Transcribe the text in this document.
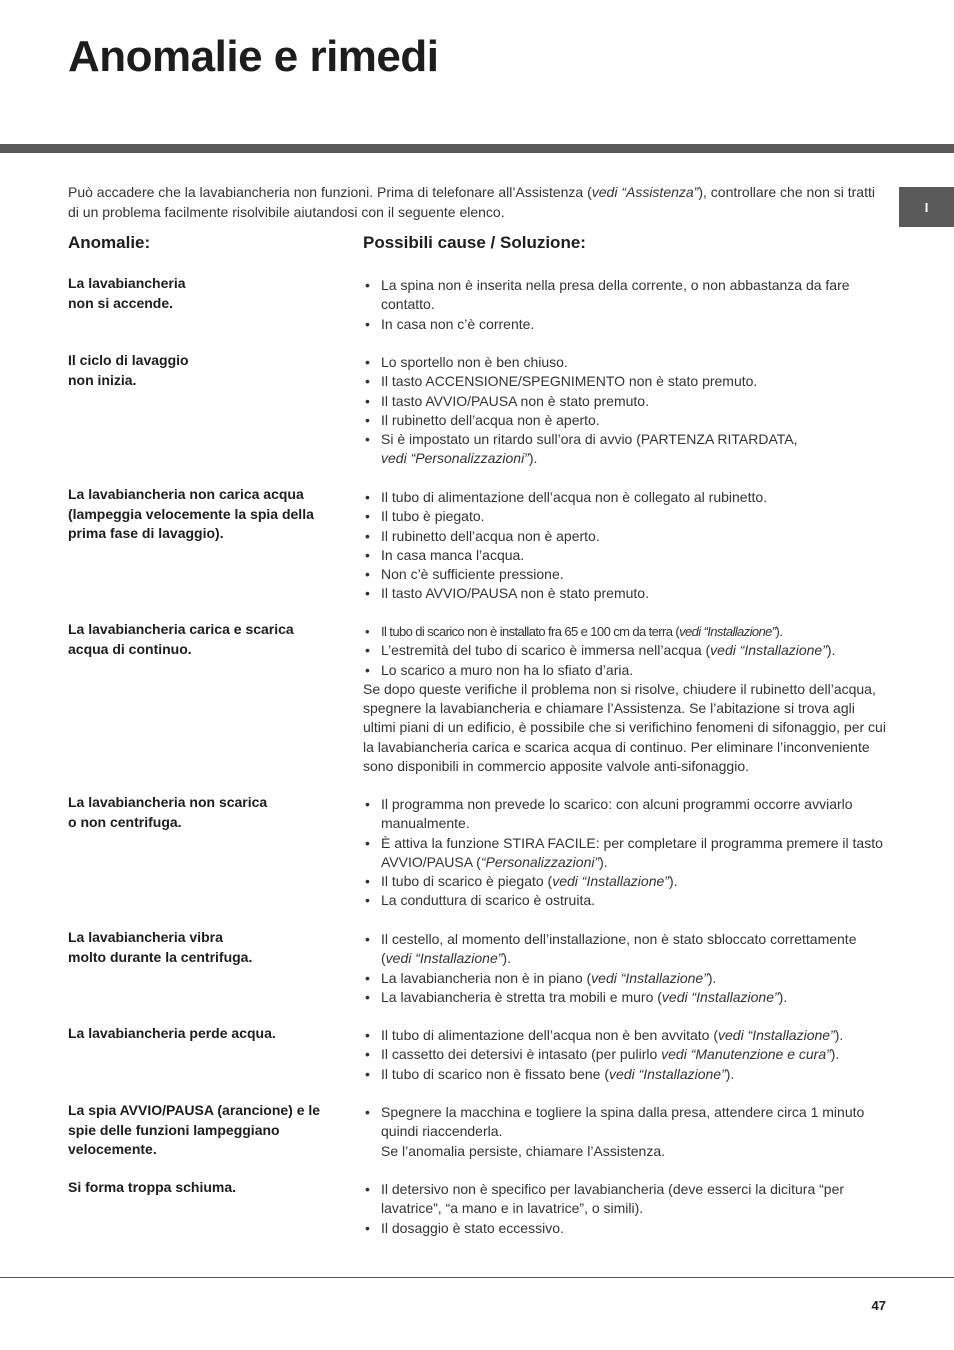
Anomalie e rimedi
I

Può accadere che la lavabiancheria non funzioni. Prima di telefonare all’Assistenza (vedi “Assistenza”), controllare che non si tratti di un problema facilmente risolvibile aiutandosi con il seguente elenco.

Anomalie:	Possibili cause / Soluzione:

La lavabiancheria
non si accende.

• La spina non è inserita nella presa della corrente, o non abbastanza da fare contatto.
• In casa non c’è corrente.

Il ciclo di lavaggio
non inizia.

• Lo sportello non è ben chiuso.
• Il tasto ACCENSIONE/SPEGNIMENTO non è stato premuto.
• Il tasto AVVIO/PAUSA non è stato premuto.
• Il rubinetto dell’acqua non è aperto.
• Si è impostato un ritardo sull’ora di avvio (PARTENZA RITARDATA,
vedi “Personalizzazioni”).

La lavabiancheria non carica acqua (lampeggia velocemente la spia della prima fase di lavaggio).

• Il tubo di alimentazione dell’acqua non è collegato al rubinetto.
• Il tubo è piegato.
• Il rubinetto dell’acqua non è aperto.
• In casa manca l’acqua.
• Non c’è sufficiente pressione.
• Il tasto AVVIO/PAUSA non è stato premuto.

La lavabiancheria carica e scarica acqua di continuo.

• Il tubo di scarico non è installato fra 65 e 100 cm da terra (vedi “Installazione”).
• L’estremità del tubo di scarico è immersa nell’acqua (vedi “Installazione”).
• Lo scarico a muro non ha lo sfiato d’aria.

Se dopo queste verifiche il problema non si risolve, chiudere il rubinetto dell’acqua, spegnere la lavabiancheria e chiamare l’Assistenza. Se l’abitazione si trova agli ultimi piani di un edificio, è possibile che si verifichino fenomeni di sifonaggio, per cui la lavabiancheria carica e scarica acqua di continuo. Per eliminare l’inconveniente sono disponibili in commercio apposite valvole anti-sifonaggio.

La lavabiancheria non scarica
o non centrifuga.

• Il programma non prevede lo scarico: con alcuni programmi occorre avviarlo manualmente.
• È attiva la funzione STIRA FACILE: per completare il programma premere il tasto AVVIO/PAUSA (“Personalizzazioni”).
• Il tubo di scarico è piegato (vedi “Installazione”).
• La conduttura di scarico è ostruita.

La lavabiancheria vibra
molto durante la centrifuga.

• Il cestello, al momento dell’installazione, non è stato sbloccato correttamente (vedi “Installazione”).
• La lavabiancheria non è in piano (vedi “Installazione”).
• La lavabiancheria è stretta tra mobili e muro (vedi “Installazione”).

La lavabiancheria perde acqua.	• Il tubo di alimentazione dell’acqua non è ben avvitato (vedi “Installazione”).
• Il cassetto dei detersivi è intasato (per pulirlo vedi “Manutenzione e cura”).
• Il tubo di scarico non è fissato bene (vedi “Installazione”).

La spia AVVIO/PAUSA (arancione) e le spie delle funzioni lampeggiano velocemente.

• Spegnere la macchina e togliere la spina dalla presa, attendere circa 1 minuto quindi riaccenderla.
Se l’anomalia persiste, chiamare l’Assistenza.

Si forma troppa schiuma.	• Il detersivo non è specifico per lavabiancheria (deve esserci la dicitura “per lavatrice”, “a mano e in lavatrice”, o simili).
• Il dosaggio è stato eccessivo.
47
